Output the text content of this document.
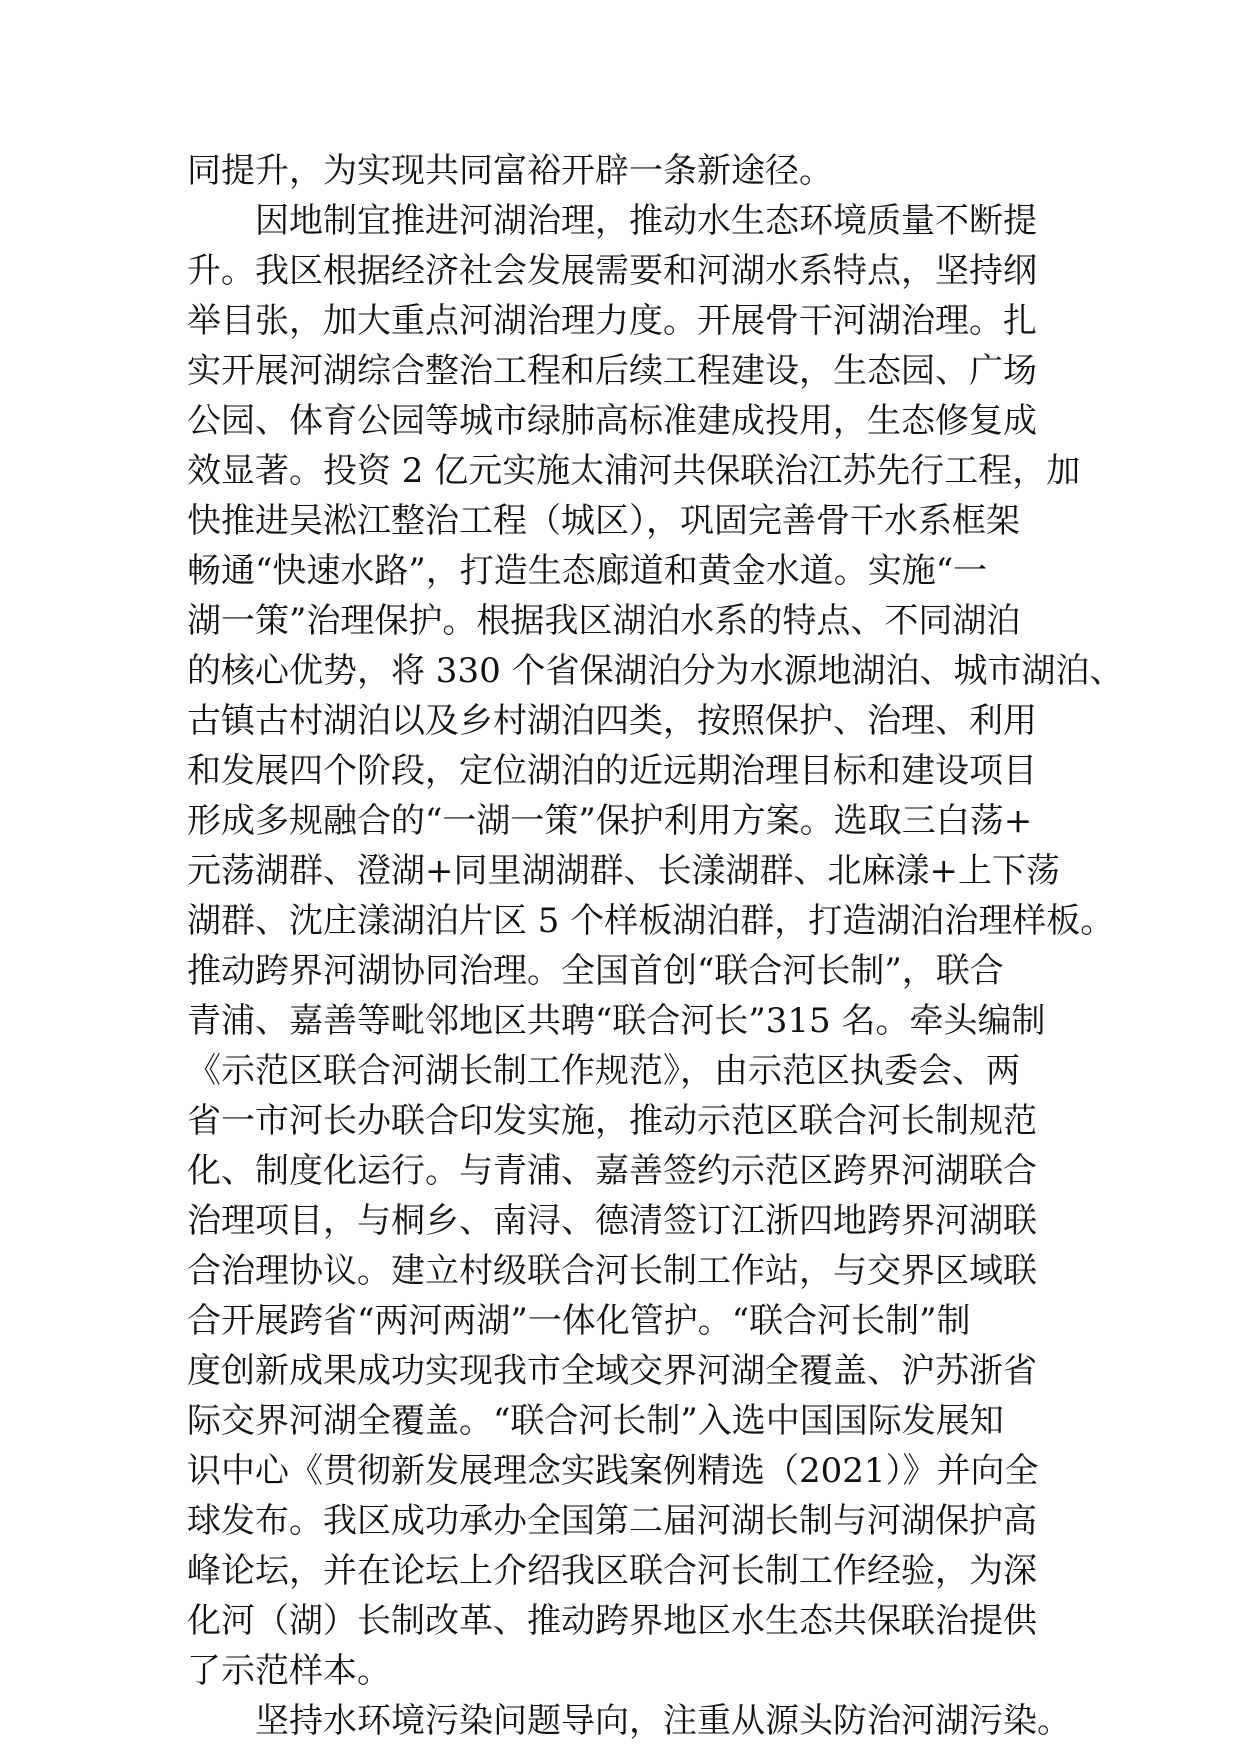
同提升，为实现共同富裕开辟一条新途径。
　　因地制宜推进河湖治理，推动水生态环境质量不断提
升。我区根据经济社会发展需要和河湖水系特点，坚持纲
举目张，加大重点河湖治理力度。开展骨干河湖治理。扎
实开展河湖综合整治工程和后续工程建设，生态园、广场
公园、体育公园等城市绿肺高标准建成投用，生态修复成
效显著。投资 2 亿元实施太浦河共保联治江苏先行工程，加
快推进吴淞江整治工程（城区），巩固完善骨干水系框架
畅通“快速水路”，打造生态廊道和黄金水道。实施“一
湖一策”治理保护。根据我区湖泊水系的特点、不同湖泊
的核心优势，将 330 个省保湖泊分为水源地湖泊、城市湖泊、
古镇古村湖泊以及乡村湖泊四类，按照保护、治理、利用
和发展四个阶段，定位湖泊的近远期治理目标和建设项目
形成多规融合的“一湖一策”保护利用方案。选取三白荡+
元荡湖群、澄湖+同里湖湖群、长漾湖群、北麻漾+上下荡
湖群、沈庄漾湖泊片区 5 个样板湖泊群，打造湖泊治理样板。
推动跨界河湖协同治理。全国首创“联合河长制”，联合
青浦、嘉善等毗邻地区共聘“联合河长”315 名。牵头编制
《示范区联合河湖长制工作规范》，由示范区执委会、两
省一市河长办联合印发实施，推动示范区联合河长制规范
化、制度化运行。与青浦、嘉善签约示范区跨界河湖联合
治理项目，与桐乡、南浔、德清签订江浙四地跨界河湖联
合治理协议。建立村级联合河长制工作站，与交界区域联
合开展跨省“两河两湖”一体化管护。“联合河长制”制
度创新成果成功实现我市全域交界河湖全覆盖、沪苏浙省
际交界河湖全覆盖。“联合河长制”入选中国国际发展知
识中心《贯彻新发展理念实践案例精选（2021）》并向全
球发布。我区成功承办全国第二届河湖长制与河湖保护高
峰论坛，并在论坛上介绍我区联合河长制工作经验，为深
化河（湖）长制改革、推动跨界地区水生态共保联治提供
了示范样本。
　　坚持水环境污染问题导向，注重从源头防治河湖污染。
